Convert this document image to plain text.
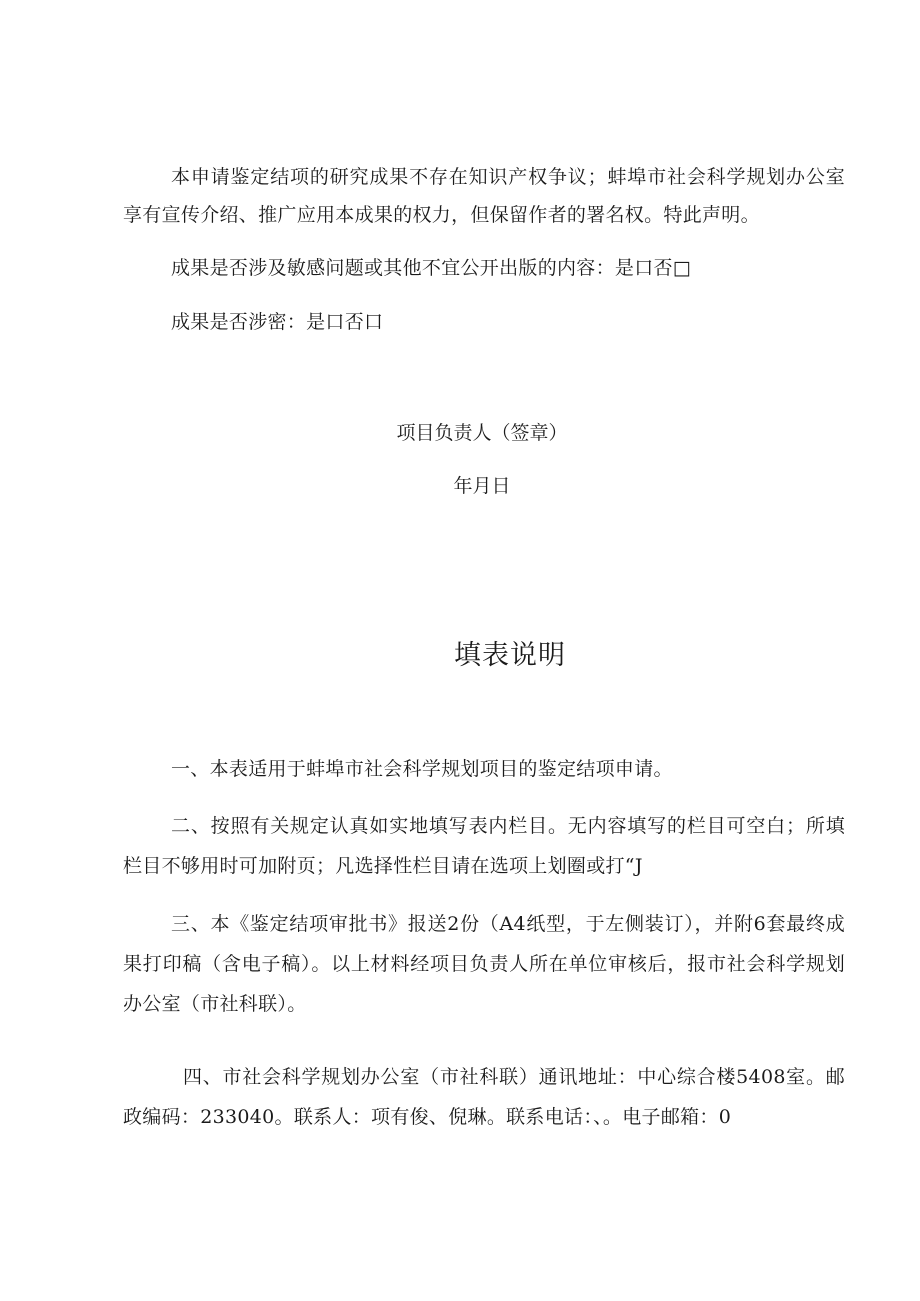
本申请鉴定结项的研究成果不存在知识产权争议；蚌埠市社会科学规划办公室享有宣传介绍、推广应用本成果的权力，但保留作者的署名权。特此声明。

成果是否涉及敏感问题或其他不宜公开出版的内容：是口否□

成果是否涉密：是口否口

项目负责人（签章）

年月日

填表说明

一、本表适用于蚌埠市社会科学规划项目的鉴定结项申请。

二、按照有关规定认真如实地填写表内栏目。无内容填写的栏目可空白；所填栏目不够用时可加附页；凡选择性栏目请在选项上划圈或打“J

三、本《鉴定结项审批书》报送2份（A4纸型，于左侧装订），并附6套最终成果打印稿（含电子稿）。以上材料经项目负责人所在单位审核后，报市社会科学规划办公室（市社科联）。

四、市社会科学规划办公室（市社科联）通讯地址：中心综合楼5408室。邮政编码：233040。联系人：项有俊、倪琳。联系电话：、。电子邮箱：0
